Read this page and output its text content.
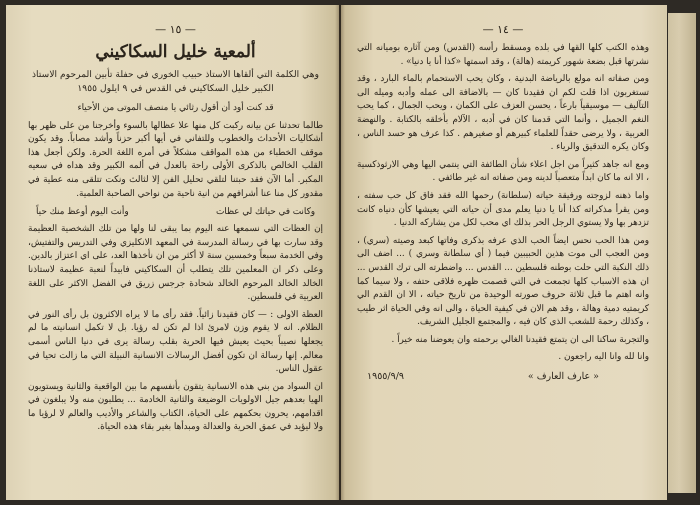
— ١٥ —
ألمعية خليل السكاكيني
وهي الكلمة التي ألقاها الاستاذ حبيب الخوري في حفلة تأبين المرحوم الاستاذ الكبير خليل السكاكيني في القدس في ٩ ايلول ١٩٥٥

قد كنت أود أن أقول رثائي يا منصف الموتى من الأحياء

طالما تحدثنا عن بيانه ركبت كل منها علا عظالها بالسوء وأخرجنا من على ظهر بها أشكاليات الأحداث والخطوب وللتفاني في أيها أكبر حزناً وأشد مصاباً. وقد يكون موقف الخطباء من هذه المواقف مشكلاً في أمره اللغة الحرة. ولكن أجعل هذا القلب الخالص بالذكرى الأولى راحة بالعدل في ألمه الكبير وقد هداه في سعيه المكبر. أما الآن فقد حبتنا لتلقي تحليل الفن إلا لثالث ونكت تتلقى منه عطية في مقدور كل منا عنا أشرافهم من انية ناحية من نواحي الصاحبة العلمية.

وكانت في حياتك لي عظات
وأنت اليوم أوعظ منك حياً

إن العظات التي نسمعها عنه اليوم بما يبقى لنا ولها من تلك الشخصية العظيمة وقد سارت بها في رسالة المدرسة في المعهد الانكليزي وفي التدريس والتفتيش، وفي الخدمة سبعاً وخمسين سنة لا أكثر من ان نأخذها العد، على اي اعتزاز بالدين. وعلى ذكر ان المعلمين تلك يتطلب أن السكاكيني فابيداً لنعبة عظيمة لاستاذنا الخالد الخالد المرحوم الخالد شحادة جرجس زريق في الفضل الاكثر على اللغة العربية في فلسطين.

العظة الاولى : — كان فقيدنا زائياً. فقد رأى ما لا يراه الاكثرون بل رأى النور في الظلام. انه لا يقوم وزن لامرئ اذا لم تكن له رؤيا. بل لا تكمل انسانيته ما لم يجعلها نصيباً بحيث يعيش فيها الحرية بقلب رسالة يرى في دنيا الناس أسمى معالم. إنها رسالة ان تكون أفضل الرسالات الانسانية النبيلة التي ما زالت تحيا في عقول الناس.

ان السواد من بني هذه الانسانية يتقون بأنفسهم ما بين الواقعية والثانية ويستويون الهيا بعدهم جيل الاولويات الوضيعة والثانية الخادمة ... يطلبون منه ولا يبلغون في اقدامهم، يحرون بحكمهم على الحياة، الكتاب والشاعر والأديب والعالم لا لرؤيا ما ولا ليؤيد في عمق الحرية والعدالة ومبدأها بغير بقاء هذه الحياة.

— ١٤ —

وهذه الكتب كلها القها في بلده ومسقط رأسه (القدس) ومن آثاره بوميانه التي نشرتها قبل بضعة شهور كريمته (هالة) ، وقد اسمتها «كذا أنا يا دنيا» .

ومن صفاته انه مولع بالرياضة البدنية ، وكان يحب الاستحمام بالماء البارد ، وقد تستغربون اذا قلت لكم ان فقيدنا كان — بالاضافة الى عمله وأدبه وميله الى التآليف — موسيقياً بارعاً ، يحسن العزف على الكمان ، ويحب الجمال ، كما يحب النغم الجميل ، وأنما التي قدمنا كان في أدبه ، الآلام بأخلقه بالكتابة . والنهضة العربية ، ولا يرضى حقداً للعلماء كبيرهم أو صغيرهم . كذا عرف هو حسد الناس ، وكان يكره التدقيق والرياء .

ومع انه جاهد كثيراً من اجل اعلاء شأن الطائفة التي ينتمي اليها وهي الارثوذكسية ، الا انه ما كان ابداً متعصباً لدينه ومن صفاته انه غير طائفي .

واما ذهنه لزوجته ورفيقة حياته (سلطانة) رحمها الله فقد فاق كل حب سفته ، ومن يقرأ مذكراته كذا أنا يا دنيا يعلم مدى أن حياته التي يعيشها كأن دنياه كانت تزدهر بها ولا يستوي الرجل الحر بذلك اي محب لكل من يشاركه الدنيا .

ومن هذا الحب نحس ايضاً الحب الذي عرفه بذكرى وفاتها كبعد وصيته (سري) ، ومن العجب الى موت هذين الحبيبين فيما ( أي سلطانة وسري ) ... اضف الى ذلك النكبة التي حلت بوطنه فلسطين ... القدس ... واضطرته الى ترك القدس ... ان هذه الاسباب كلها تجمعت في التي قصمت ظهره فلاقى حتفه ، ولا سيما كما وانه اهتم ما قبل ثلاثة حروف صورته الوحيدة من تاريخ حياته ، الا ان القدم الي كريمتيه دمية وهالة ، وقد هم الان في كيفية الحياة ، والى انه وفي الحياة اثر طيب ، وكذلك رحمة للشعب الذي كان فيه ، والمجتمع الجليل الشريف.

والتجربة ساكنا الى ان يتمتع فقيدنا الغالي برحمته وان يعوضنا منه خيراً .

وانا لله وانا اليه راجعون .

« عارف العارف »
١٩٥٥/٩/٩
